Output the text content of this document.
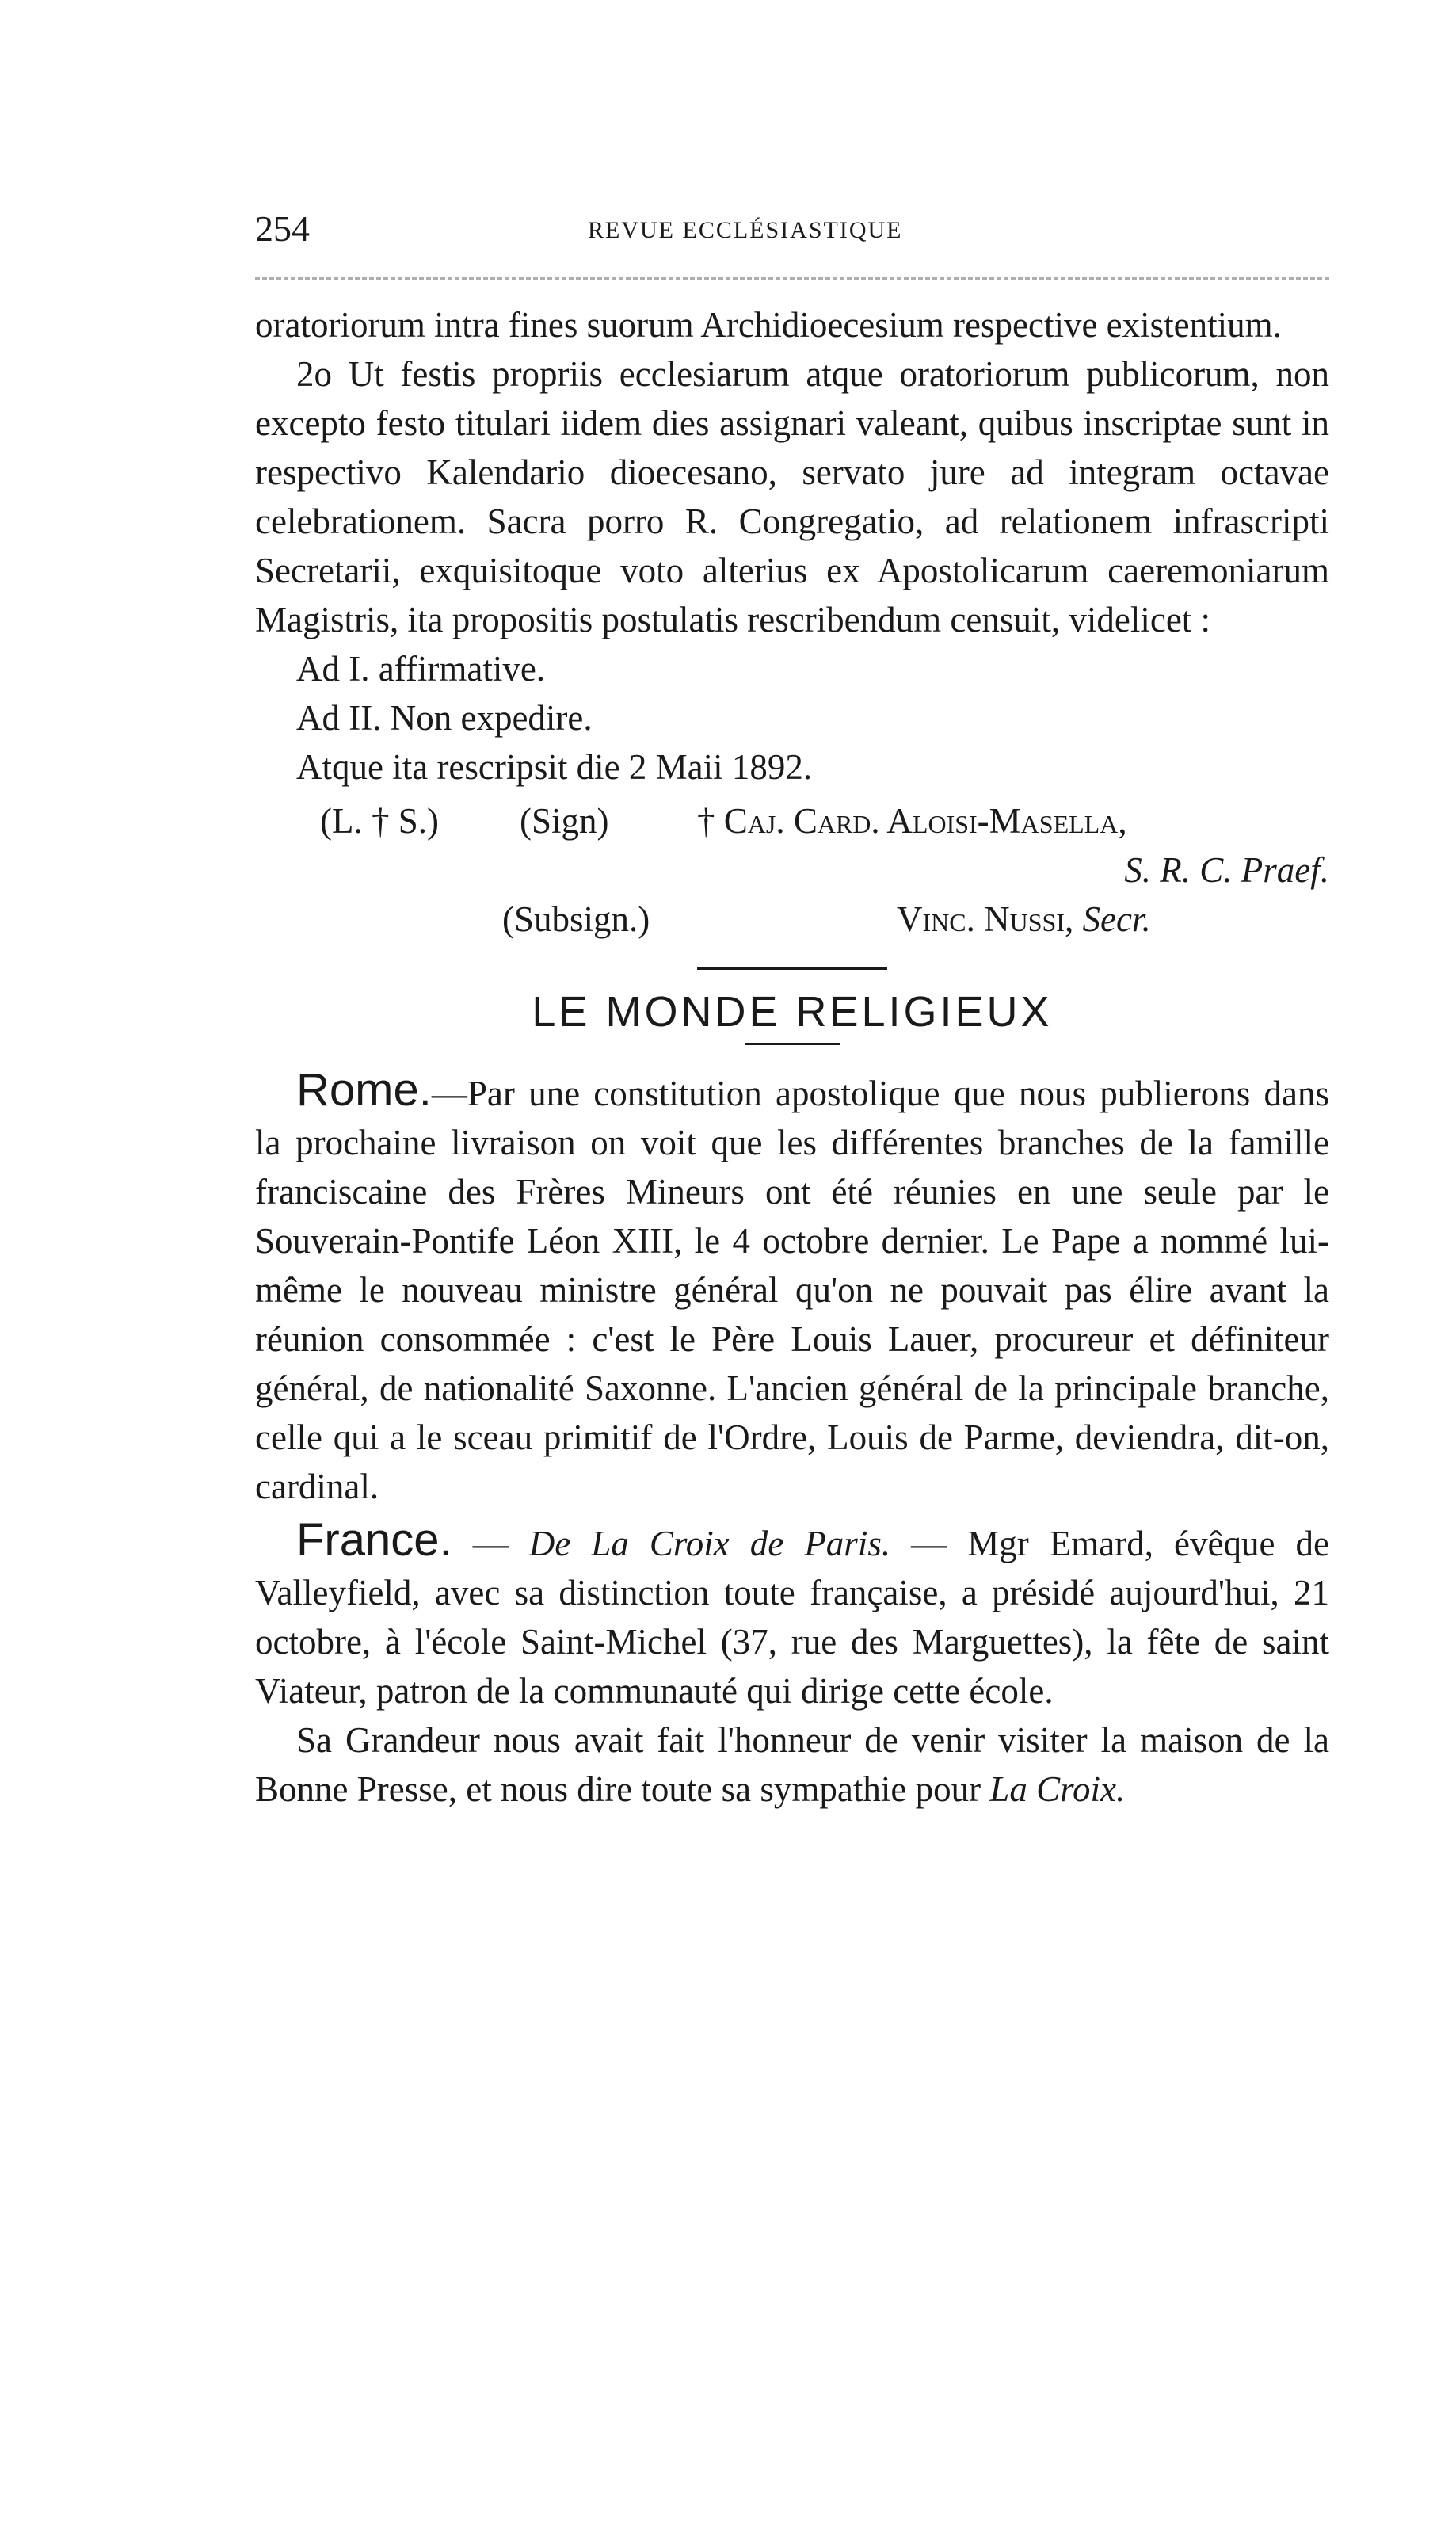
254	REVUE ECCLÉSIASTIQUE

oratoriorum intra fines suorum Archidioecesium respective existentium.

2o Ut festis propriis ecclesiarum atque oratoriorum publicorum, non excepto festo titulari iidem dies assignari valeant, quibus inscriptae sunt in respectivo Kalendario dioecesano, servato jure ad integram octavae celebrationem. Sacra porro R. Congregatio, ad relationem infrascripti Secretarii, exquisitoque voto alterius ex Apostolicarum caeremoniarum Magistris, ita propositis postulatis rescribendum censuit, videlicet :

Ad I. affirmative.

Ad II. Non expedire.

Atque ita rescripsit die 2 Maii 1892.

(L. † S.) (Sign) † Caj. Card. Aloisi-Masella,
S. R. C. Praef.
(Subsign.)	Vinc. Nussi, Secr.
LE MONDE RELIGIEUX

Rome.—Par une constitution apostolique que nous publierons dans la prochaine livraison on voit que les différentes branches de la famille franciscaine des Frères Mineurs ont été réunies en une seule par le Souverain-Pontife Léon XIII, le 4 octobre dernier. Le Pape a nommé lui-même le nouveau ministre général qu'on ne pouvait pas élire avant la réunion consommée : c'est le Père Louis Lauer, procureur et définiteur général, de nationalité Saxonne. L'ancien général de la principale branche, celle qui a le sceau primitif de l'Ordre, Louis de Parme, deviendra, dit-on, cardinal.

France. — De La Croix de Paris. — Mgr Emard, évêque de Valleyfield, avec sa distinction toute française, a présidé aujourd'hui, 21 octobre, à l'école Saint-Michel (37, rue des Marguettes), la fête de saint Viateur, patron de la communauté qui dirige cette école.

Sa Grandeur nous avait fait l'honneur de venir visiter la maison de la Bonne Presse, et nous dire toute sa sympathie pour La Croix.
